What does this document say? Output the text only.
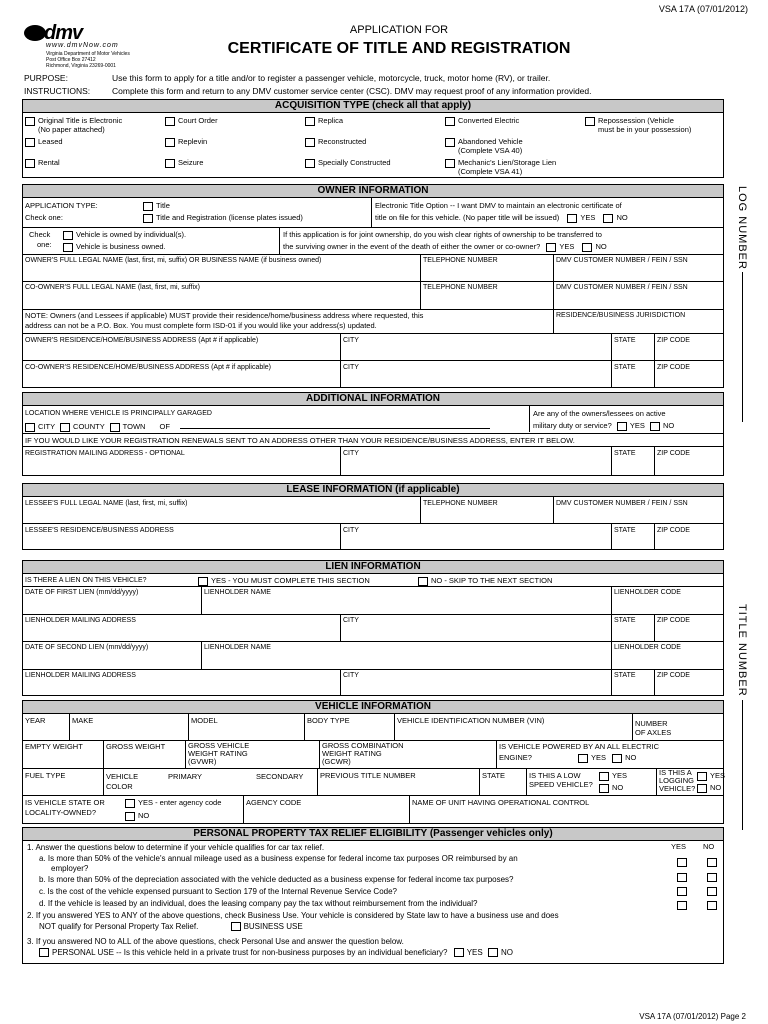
VSA 17A (07/01/2012)
dmv
www.dmvNow.com
Virginia Department of Motor Vehicles
Post Office Box 27412
Richmond, Virginia 23269-0001
APPLICATION FOR
CERTIFICATE OF TITLE AND REGISTRATION
PURPOSE:	Use this form to apply for a title and/or to register a passenger vehicle, motorcycle, truck, motor home (RV), or trailer.
INSTRUCTIONS:	Complete this form and return to any DMV customer service center (CSC). DMV may request proof of any information provided.
ACQUISITION TYPE (check all that apply)
Original Title is Electronic
(No paper attached)
Court Order	Replica	Converted Electric	Repossession (Vehicle
must be in your possession)
Leased	Replevin	Reconstructed	Abandoned Vehicle
(Complete VSA 40)
Rental	Seizure	Specially Constructed	Mechanic's Lien/Storage Lien
(Complete VSA 41)
OWNER INFORMATION
APPLICATION TYPE:
Check one:
Title
Title and Registration (license plates issued)
Electronic Title Option -- I want DMV to maintain an electronic certificate of
title on file for this vehicle. (No paper title will be issued)	YES	NO
Check
one:
Vehicle is owned by individual(s).
Vehicle is business owned.
If this application is for joint ownership, do you wish clear rights of ownership to be transferred to
the surviving owner in the event of the death of either the owner or co-owner?	YES	NO
OWNER'S FULL LEGAL NAME (last, first, mi, suffix) OR BUSINESS NAME (if business owned)	TELEPHONE NUMBER	DMV CUSTOMER NUMBER / FEIN / SSN
CO-OWNER'S FULL LEGAL NAME (last, first, mi, suffix)	TELEPHONE NUMBER	DMV CUSTOMER NUMBER / FEIN / SSN
NOTE: Owners (and Lessees if applicable) MUST provide their residence/home/business address where requested, this
address can not be a P.O. Box. You must complete form ISD-01 if you would like your address(s) updated.
RESIDENCE/BUSINESS JURISDICTION
OWNER'S RESIDENCE/HOME/BUSINESS ADDRESS (Apt # if applicable)	CITY	STATE	ZIP CODE
CO-OWNER'S RESIDENCE/HOME/BUSINESS ADDRESS (Apt # if applicable)	CITY	STATE	ZIP CODE
ADDITIONAL INFORMATION
LOCATION WHERE VEHICLE IS PRINCIPALLY GARAGED
CITY COUNTY TOWN OF
Are any of the owners/lessees on active
military duty or service? YES NO
IF YOU WOULD LIKE YOUR REGISTRATION RENEWALS SENT TO AN ADDRESS OTHER THAN YOUR RESIDENCE/BUSINESS ADDRESS, ENTER IT BELOW.
REGISTRATION MAILING ADDRESS - OPTIONAL	CITY	STATE	ZIP CODE
LEASE INFORMATION (if applicable)
LESSEE'S FULL LEGAL NAME (last, first, mi, suffix)	TELEPHONE NUMBER	DMV CUSTOMER NUMBER / FEIN / SSN
LESSEE'S RESIDENCE/BUSINESS ADDRESS	CITY	STATE	ZIP CODE
LIEN INFORMATION
IS THERE A LIEN ON THIS VEHICLE?	YES - YOU MUST COMPLETE THIS SECTION	NO - SKIP TO THE NEXT SECTION
DATE OF FIRST LIEN (mm/dd/yyyy)	LIENHOLDER NAME	LIENHOLDER CODE
LIENHOLDER MAILING ADDRESS	CITY	STATE	ZIP CODE
DATE OF SECOND LIEN (mm/dd/yyyy)	LIENHOLDER NAME	LIENHOLDER CODE
LIENHOLDER MAILING ADDRESS	CITY	STATE	ZIP CODE
VEHICLE INFORMATION
YEAR	MAKE	MODEL	BODY TYPE	VEHICLE IDENTIFICATION NUMBER (VIN)	NUMBER
OF AXLES
EMPTY WEIGHT	GROSS WEIGHT	GROSS VEHICLE
WEIGHT RATING
(GVWR)
GROSS COMBINATION
WEIGHT RATING
(GCWR)
IS VEHICLE POWERED BY AN ALL ELECTRIC
ENGINE?	YES	NO
FUEL TYPE	VEHICLE
COLOR
PRIMARY	SECONDARY PREVIOUS TITLE NUMBER	STATE	IS THIS A LOW
SPEED VEHICLE?
YES
NO
IS THIS A
LOGGING
VEHICLE?
YES
NO
IS VEHICLE STATE OR
LOCALITY-OWNED?
YES - enter agency code
NO
AGENCY CODE	NAME OF UNIT HAVING OPERATIONAL CONTROL
PERSONAL PROPERTY TAX RELIEF ELIGIBILITY (Passenger vehicles only)
YES NO
1. Answer the questions below to determine if your vehicle qualifies for car tax relief.
a. Is more than 50% of the vehicle's annual mileage used as a business expense for federal income tax purposes OR reimbursed by an
employer?
b. Is more than 50% of the depreciation associated with the vehicle deducted as a business expense for federal income tax purposes?
c. Is the cost of the vehicle expensed pursuant to Section 179 of the Internal Revenue Service Code?
d. If the vehicle is leased by an individual, does the leasing company pay the tax without reimbursement from the individual?
2. If you answered YES to ANY of the above questions, check Business Use. Your vehicle is considered by State law to have a business use and does
NOT qualify for Personal Property Tax Relief.	BUSINESS USE
3. If you answered NO to ALL of the above questions, check Personal Use and answer the question below.
PERSONAL USE -- Is this vehicle held in a private trust for non-business purposes by an individual beneficiary? YES NO
LOG NUMBER
TITLE NUMBER
VSA 17A (07/01/2012) Page 2
